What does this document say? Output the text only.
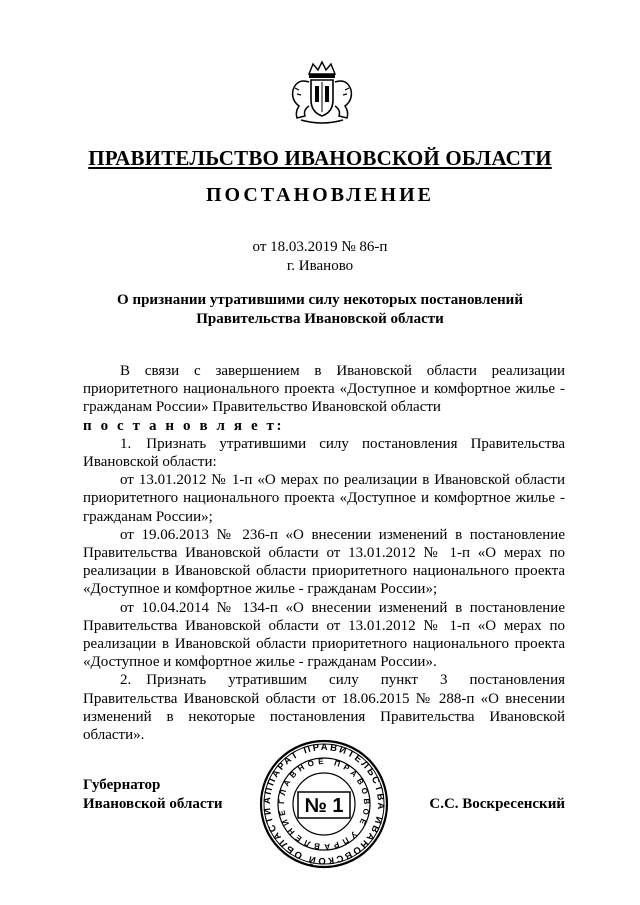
ПРАВИТЕЛЬСТВО ИВАНОВСКОЙ ОБЛАСТИ
ПОСТАНОВЛЕНИЕ
от 18.03.2019 № 86-п
г. Иваново
О признании утратившими силу некоторых постановлений
Правительства Ивановской области

В связи с завершением в Ивановской области реализации приоритетного национального проекта «Доступное и комфортное жилье - гражданам России» Правительство Ивановской области

п о с т а н о в л я е т:

1. Признать утратившими силу постановления Правительства Ивановской области:

от 13.01.2012 № 1-п «О мерах по реализации в Ивановской области приоритетного национального проекта «Доступное и комфортное жилье - гражданам России»;

от 19.06.2013 № 236-п «О внесении изменений в постановление Правительства Ивановской области от 13.01.2012 № 1-п «О мерах по реализации в Ивановской области приоритетного национального проекта «Доступное и комфортное жилье - гражданам России»;

от 10.04.2014 № 134-п «О внесении изменений в постановление Правительства Ивановской области от 13.01.2012 № 1-п «О мерах по реализации в Ивановской области приоритетного национального проекта «Доступное и комфортное жилье - гражданам России».

2. Признать утратившим силу пункт 3 постановления Правительства Ивановской области от 18.06.2015 № 288-п «О внесении изменений в некоторые постановления Правительства Ивановской области».

Губернатор
Ивановской области	С.С. Воскресенский
АППАРАТ ПРАВИТЕЛЬСТВА ИВАНОВСКОЙ ОБЛАСТИ
ГЛАВНОЕ ПРАВОВОЕ УПРАВЛЕНИЕ № 1
